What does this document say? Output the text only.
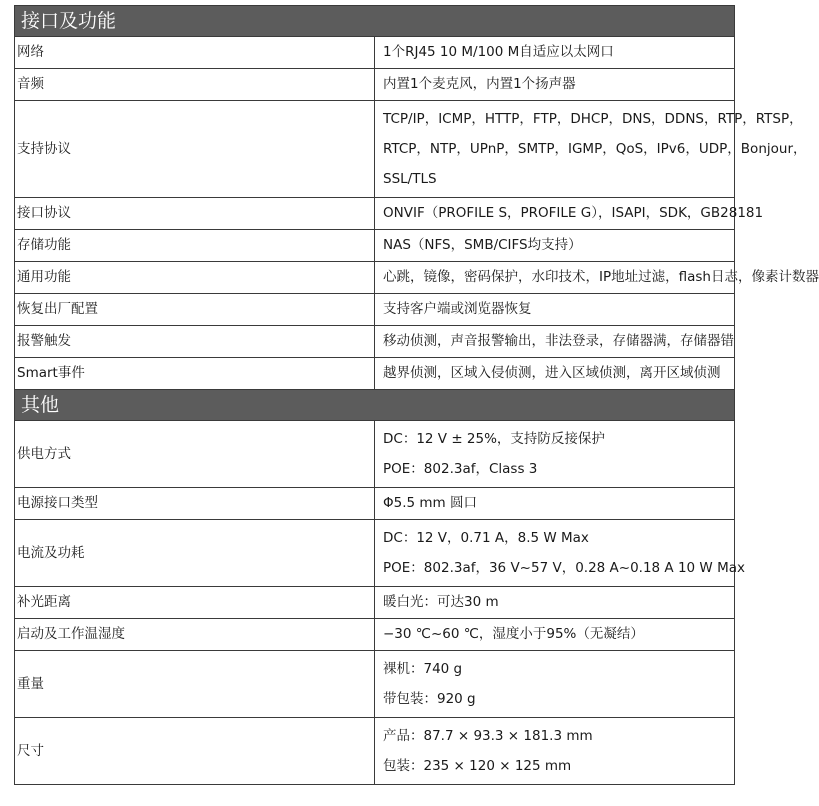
接口及功能	
网络	1个RJ45 10 M/100 M自适应以太网口

音频	内置1个麦克风，内置1个扬声器

支持协议	TCP/IP，ICMP，HTTP，FTP，DHCP，DNS，DDNS，RTP，RTSP，
RTCP，NTP，UPnP，SMTP，IGMP，QoS，IPv6，UDP，Bonjour，
SSL/TLS

接口协议	ONVIF（PROFILE S，PROFILE G），ISAPI，SDK，GB28181

存储功能	NAS（NFS，SMB/CIFS均支持）

通用功能	心跳，镜像，密码保护，水印技术，IP地址过滤，flash日志，像素计数器

恢复出厂配置	支持客户端或浏览器恢复

报警触发	移动侦测，声音报警输出，非法登录，存储器满，存储器错

Smart事件	越界侦测，区域入侵侦测，进入区域侦测，离开区域侦测

其他	
供电方式	DC：12 V ± 25%，支持防反接保护
POE：802.3af，Class 3

电源接口类型	Φ5.5 mm 圆口

电流及功耗	DC：12 V，0.71 A，8.5 W Max
POE：802.3af，36 V~57 V，0.28 A~0.18 A 10 W Max

补光距离	暖白光：可达30 m

启动及工作温湿度	−30 ℃~60 ℃，湿度小于95%（无凝结）

重量	裸机：740 g
带包装：920 g

尺寸	产品：87.7 × 93.3 × 181.3 mm
包装：235 × 120 × 125 mm
